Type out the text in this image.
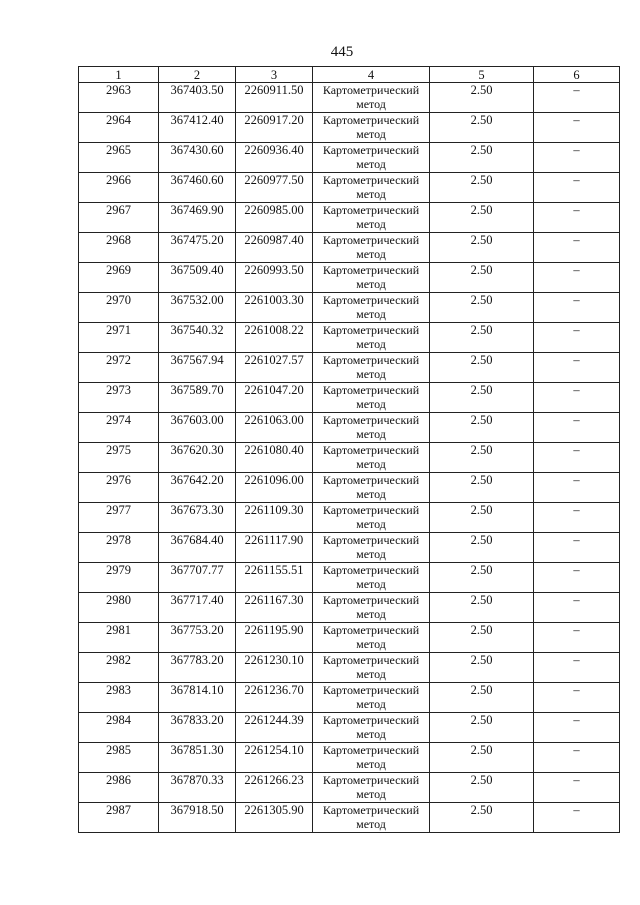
445
1	2	3	4	5	6
2963	367403.50	2260911.50	Картометрический метод	2.50	–
2964	367412.40	2260917.20	Картометрический метод	2.50	–
2965	367430.60	2260936.40	Картометрический метод	2.50	–
2966	367460.60	2260977.50	Картометрический метод	2.50	–
2967	367469.90	2260985.00	Картометрический метод	2.50	–
2968	367475.20	2260987.40	Картометрический метод	2.50	–
2969	367509.40	2260993.50	Картометрический метод	2.50	–
2970	367532.00	2261003.30	Картометрический метод	2.50	–
2971	367540.32	2261008.22	Картометрический метод	2.50	–
2972	367567.94	2261027.57	Картометрический метод	2.50	–
2973	367589.70	2261047.20	Картометрический метод	2.50	–
2974	367603.00	2261063.00	Картометрический метод	2.50	–
2975	367620.30	2261080.40	Картометрический метод	2.50	–
2976	367642.20	2261096.00	Картометрический метод	2.50	–
2977	367673.30	2261109.30	Картометрический метод	2.50	–
2978	367684.40	2261117.90	Картометрический метод	2.50	–
2979	367707.77	2261155.51	Картометрический метод	2.50	–
2980	367717.40	2261167.30	Картометрический метод	2.50	–
2981	367753.20	2261195.90	Картометрический метод	2.50	–
2982	367783.20	2261230.10	Картометрический метод	2.50	–
2983	367814.10	2261236.70	Картометрический метод	2.50	–
2984	367833.20	2261244.39	Картометрический метод	2.50	–
2985	367851.30	2261254.10	Картометрический метод	2.50	–
2986	367870.33	2261266.23	Картометрический метод	2.50	–
2987	367918.50	2261305.90	Картометрический метод	2.50	–
